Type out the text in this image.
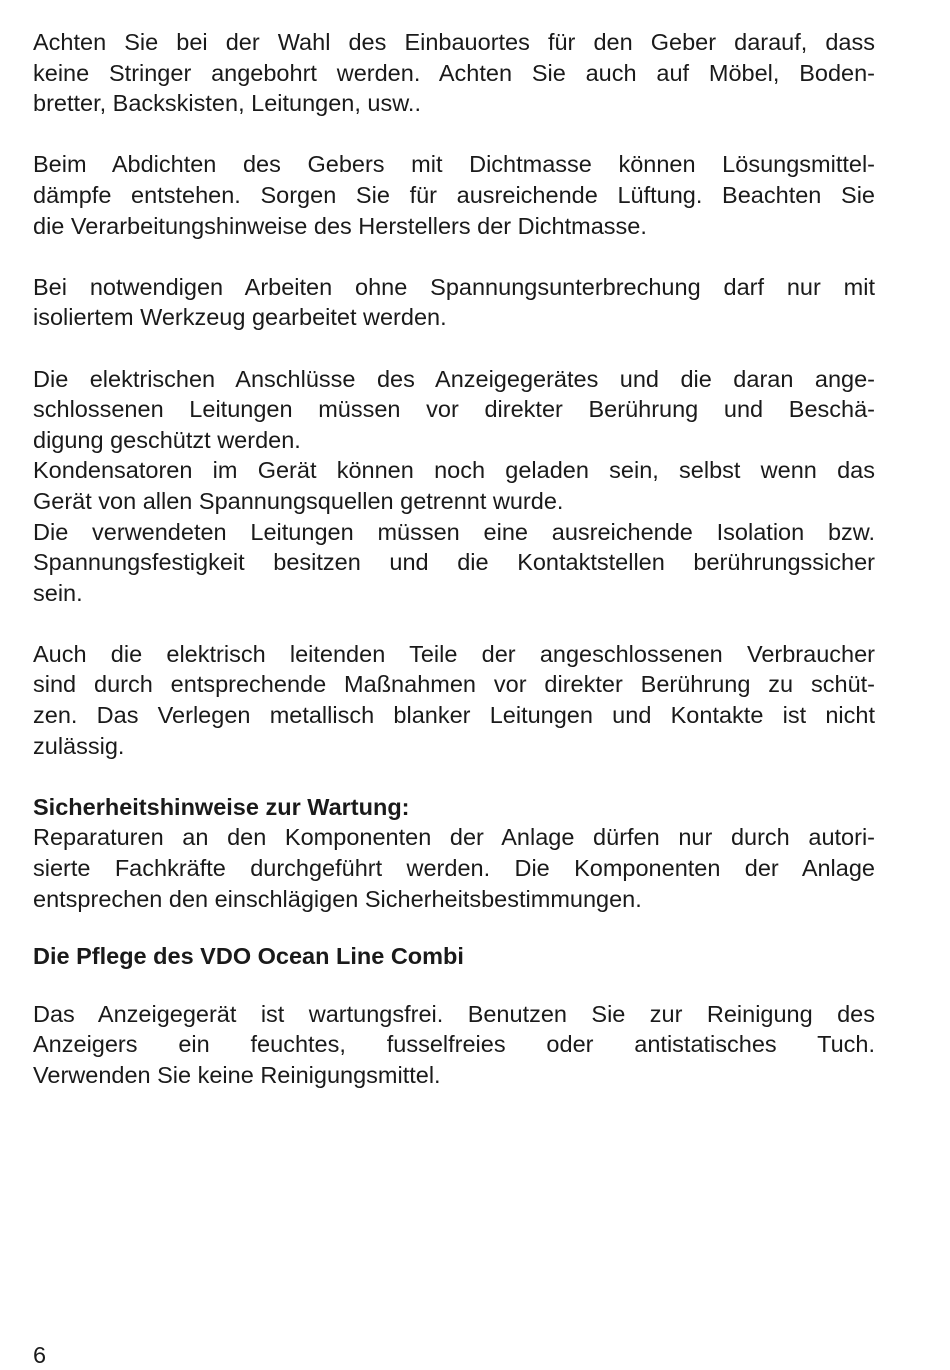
Achten Sie bei der Wahl des Einbauortes für den Geber darauf, dass
keine Stringer angebohrt werden. Achten Sie auch auf Möbel, Boden-
bretter, Backskisten, Leitungen, usw..
Beim Abdichten des Gebers mit Dichtmasse können Lösungsmittel-
dämpfe entstehen. Sorgen Sie für ausreichende Lüftung. Beachten Sie
die Verarbeitungshinweise des Herstellers der Dichtmasse.
Bei notwendigen Arbeiten ohne Spannungsunterbrechung darf nur mit
isoliertem Werkzeug gearbeitet werden.
Die elektrischen Anschlüsse des Anzeigegerätes und die daran ange-
schlossenen Leitungen müssen vor direkter Berührung und Beschä-
digung geschützt werden.
Kondensatoren im Gerät können noch geladen sein, selbst wenn das
Gerät von allen Spannungsquellen getrennt wurde.
Die verwendeten Leitungen müssen eine ausreichende Isolation bzw.
Spannungsfestigkeit besitzen und die Kontaktstellen berührungssicher
sein.
Auch die elektrisch leitenden Teile der angeschlossenen Verbraucher
sind durch entsprechende Maßnahmen vor direkter Berührung zu schüt-
zen. Das Verlegen metallisch blanker Leitungen und Kontakte ist nicht
zulässig.
Sicherheitshinweise zur Wartung:
Reparaturen an den Komponenten der Anlage dürfen nur durch autori-
sierte Fachkräfte durchgeführt werden. Die Komponenten der Anlage
entsprechen den einschlägigen Sicherheitsbestimmungen.
Die Pflege des VDO Ocean Line Combi
Das Anzeigegerät ist wartungsfrei. Benutzen Sie zur Reinigung des
Anzeigers ein feuchtes, fusselfreies oder antistatisches Tuch.
Verwenden Sie keine Reinigungsmittel.
6
